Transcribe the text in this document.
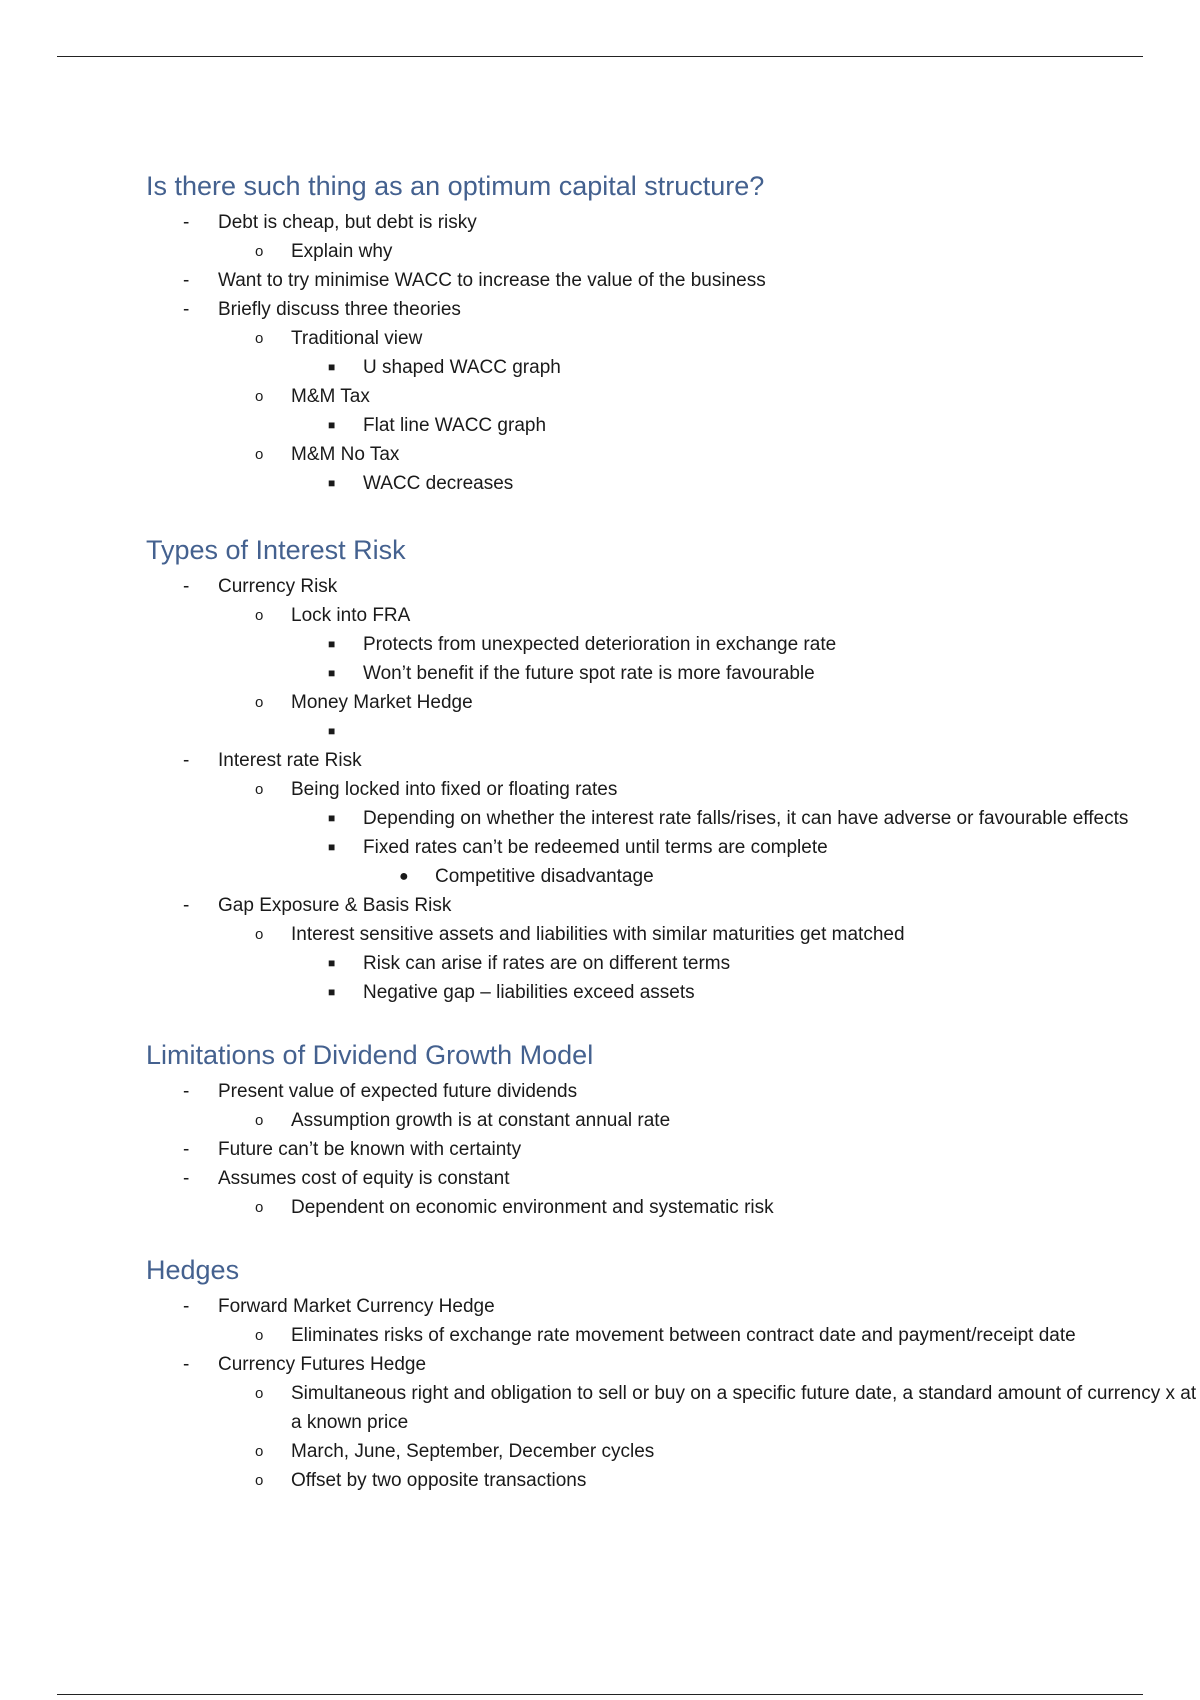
Is there such thing as an optimum capital structure?
- Debt is cheap, but debt is risky
o Explain why
- Want to try minimise WACC to increase the value of the business
- Briefly discuss three theories
o Traditional view
■ U shaped WACC graph
o M&M Tax
■ Flat line WACC graph
o M&M No Tax
■ WACC decreases
Types of Interest Risk
- Currency Risk
o Lock into FRA
■ Protects from unexpected deterioration in exchange rate
■ Won’t benefit if the future spot rate is more favourable
o Money Market Hedge
■
- Interest rate Risk
o Being locked into fixed or floating rates
■ Depending on whether the interest rate falls/rises, it can have adverse or favourable effects
■ Fixed rates can’t be redeemed until terms are complete
● Competitive disadvantage
- Gap Exposure & Basis Risk
o Interest sensitive assets and liabilities with similar maturities get matched
■ Risk can arise if rates are on different terms
■ Negative gap – liabilities exceed assets
Limitations of Dividend Growth Model
- Present value of expected future dividends
o Assumption growth is at constant annual rate
- Future can’t be known with certainty
- Assumes cost of equity is constant
o Dependent on economic environment and systematic risk
Hedges
- Forward Market Currency Hedge
o Eliminates risks of exchange rate movement between contract date and payment/receipt date
- Currency Futures Hedge
o Simultaneous right and obligation to sell or buy on a specific future date, a standard amount of currency x at a known price
o March, June, September, December cycles
o Offset by two opposite transactions
